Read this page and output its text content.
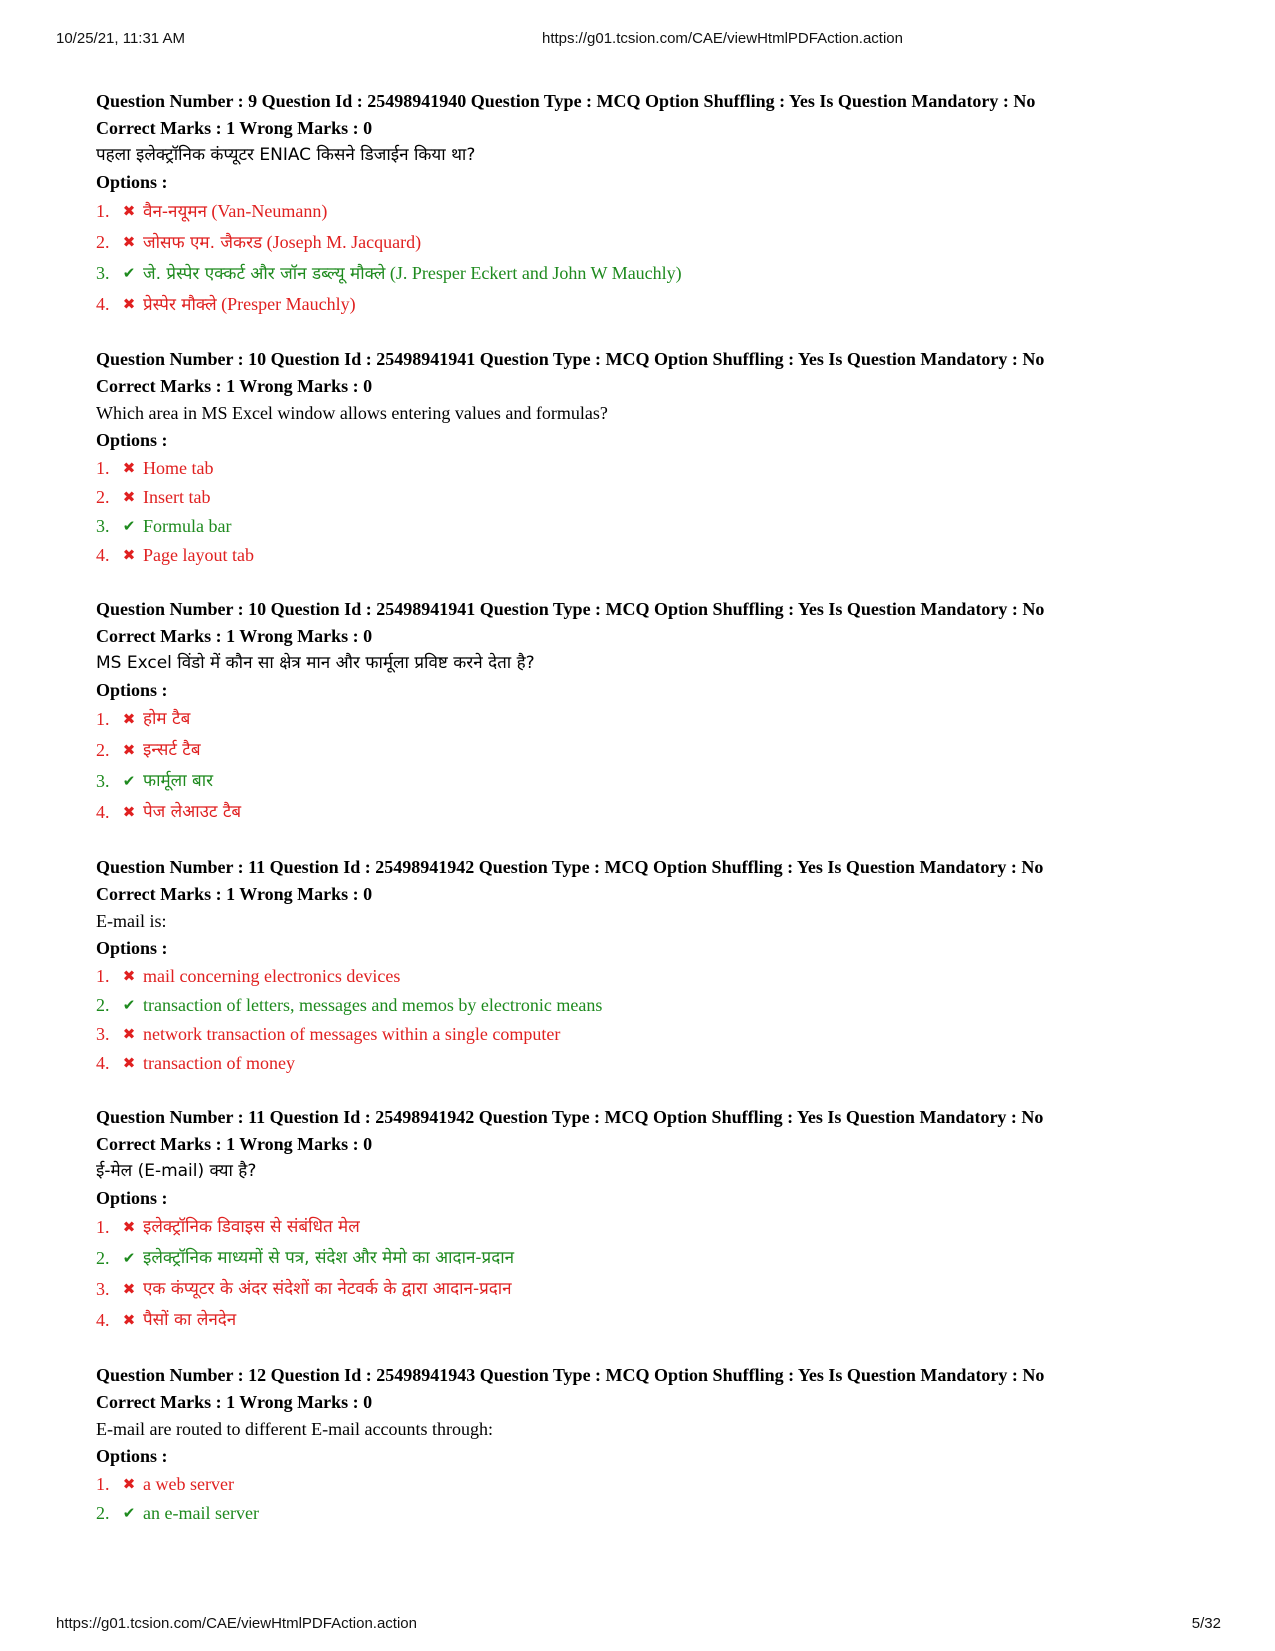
10/25/21, 11:31 AM	https://g01.tcsion.com/CAE/viewHtmlPDFAction.action
Question Number : 9 Question Id : 25498941940 Question Type : MCQ Option Shuffling : Yes Is Question Mandatory : No
Correct Marks : 1 Wrong Marks : 0
पहला इलेक्ट्रॉनिक कंप्यूटर ENIAC किसने डिजाईन किया था?
Options :
1. ✖ वैन-नयूमन (Van-Neumann)
2. ✖ जोसफ एम. जैकरड (Joseph M. Jacquard)
3. ✔ जे. प्रेस्पेर एक्कर्ट और जॉन डब्ल्यू मौक्ले (J. Presper Eckert and John W Mauchly)
4. ✖ प्रेस्पेर मौक्ले (Presper Mauchly)
Question Number : 10 Question Id : 25498941941 Question Type : MCQ Option Shuffling : Yes Is Question Mandatory : No
Correct Marks : 1 Wrong Marks : 0
Which area in MS Excel window allows entering values and formulas?
Options :
1. ✖ Home tab
2. ✖ Insert tab
3. ✔ Formula bar
4. ✖ Page layout tab
Question Number : 10 Question Id : 25498941941 Question Type : MCQ Option Shuffling : Yes Is Question Mandatory : No
Correct Marks : 1 Wrong Marks : 0
MS Excel विंडो में कौन सा क्षेत्र मान और फार्मूला प्रविष्ट करने देता है?
Options :
1. ✖ होम टैब
2. ✖ इन्सर्ट टैब
3. ✔ फार्मूला बार
4. ✖ पेज लेआउट टैब
Question Number : 11 Question Id : 25498941942 Question Type : MCQ Option Shuffling : Yes Is Question Mandatory : No
Correct Marks : 1 Wrong Marks : 0
E-mail is:
Options :
1. ✖ mail concerning electronics devices
2. ✔ transaction of letters, messages and memos by electronic means
3. ✖ network transaction of messages within a single computer
4. ✖ transaction of money
Question Number : 11 Question Id : 25498941942 Question Type : MCQ Option Shuffling : Yes Is Question Mandatory : No
Correct Marks : 1 Wrong Marks : 0
ई-मेल (E-mail) क्या है?
Options :
1. ✖ इलेक्ट्रॉनिक डिवाइस से संबंधित मेल
2. ✔ इलेक्ट्रॉनिक माध्यमों से पत्र, संदेश और मेमो का आदान-प्रदान
3. ✖ एक कंप्यूटर के अंदर संदेशों का नेटवर्क के द्वारा आदान-प्रदान
4. ✖ पैसों का लेनदेन
Question Number : 12 Question Id : 25498941943 Question Type : MCQ Option Shuffling : Yes Is Question Mandatory : No
Correct Marks : 1 Wrong Marks : 0
E-mail are routed to different E-mail accounts through:
Options :
1. ✖ a web server
2. ✔ an e-mail server
https://g01.tcsion.com/CAE/viewHtmlPDFAction.action	5/32
